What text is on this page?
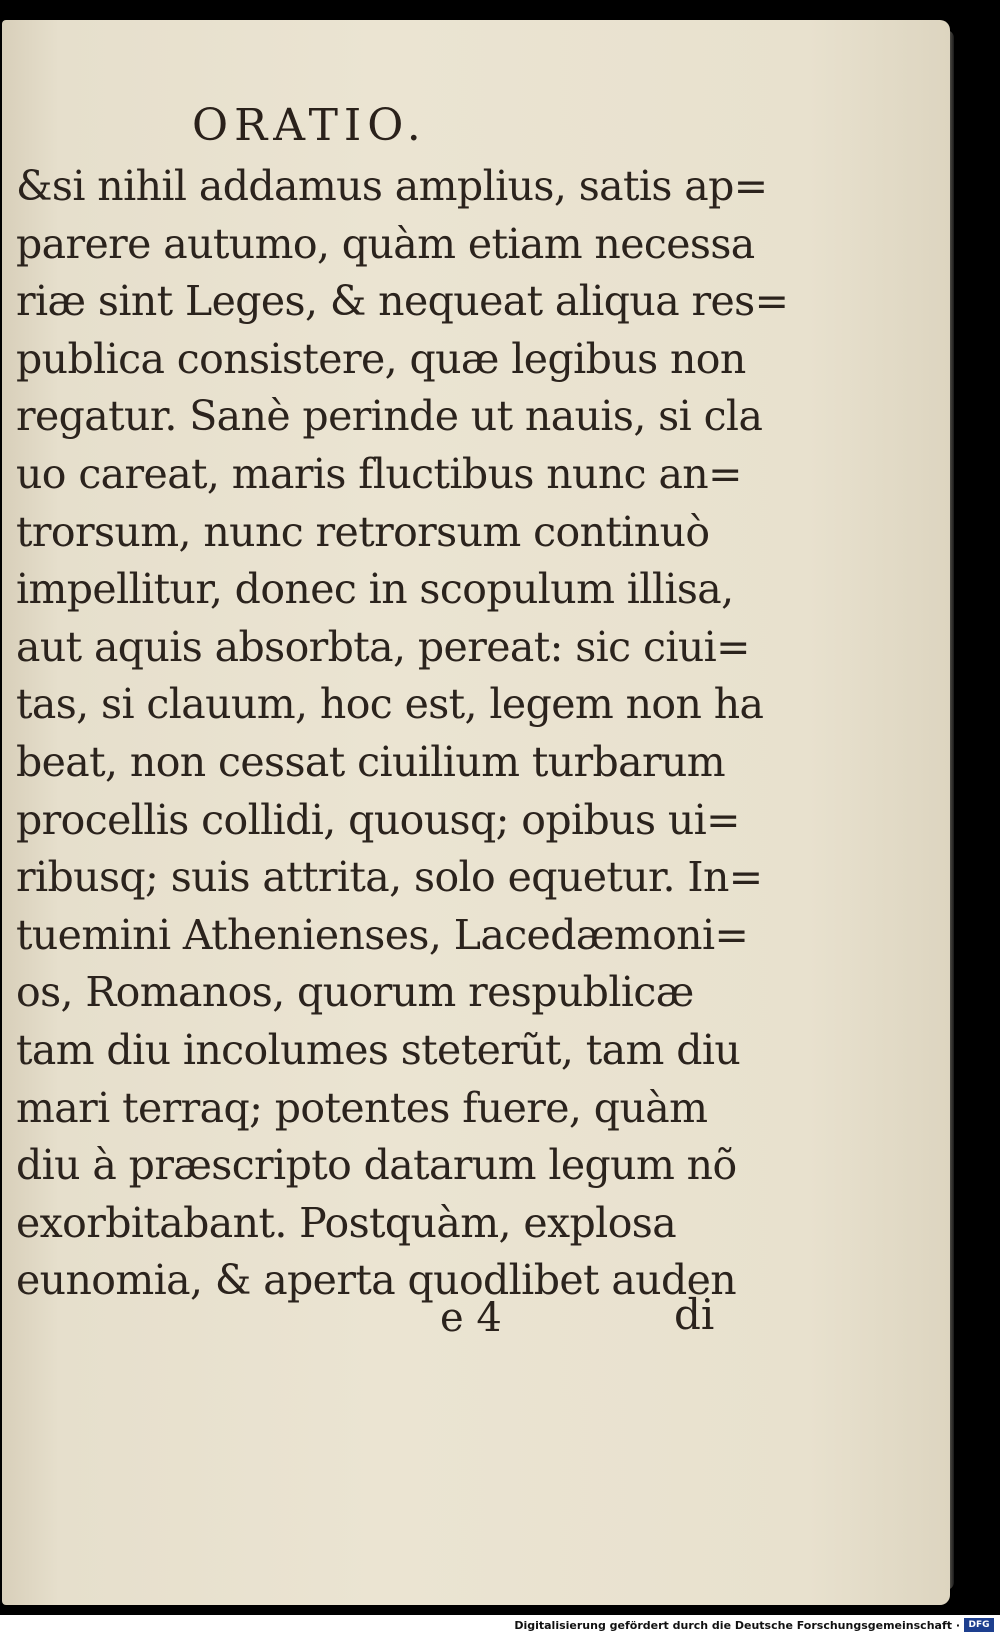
ORATIO.
&si nihil addamus amplius, satis ap=
parere autumo, quàm etiam necessa
riæ sint Leges, & nequeat aliqua res=
publica consistere, quæ legibus non
regatur. Sanè perinde ut nauis, si cla
uo careat, maris fluctibus nunc an=
trorsum, nunc retrorsum continuò
impellitur, donec in scopulum illisa,
aut aquis absorbta, pereat: sic ciui=
tas, si clauum, hoc est, legem non ha
beat, non cessat ciuilium turbarum
procellis collidi, quousq; opibus ui=
ribusq; suis attrita, solo equetur. In=
tuemini Athenienses, Lacedæmoni=
os, Romanos, quorum respublicæ
tam diu incolumes steterũt, tam diu
mari terraq; potentes fuere, quàm
diu à præscripto datarum legum nõ
exorbitabant. Postquàm, explosa
eunomia, & aperta quodlibet auden
e 4	di
Digitalisierung gefördert durch die Deutsche Forschungsgemeinschaft · DFG
